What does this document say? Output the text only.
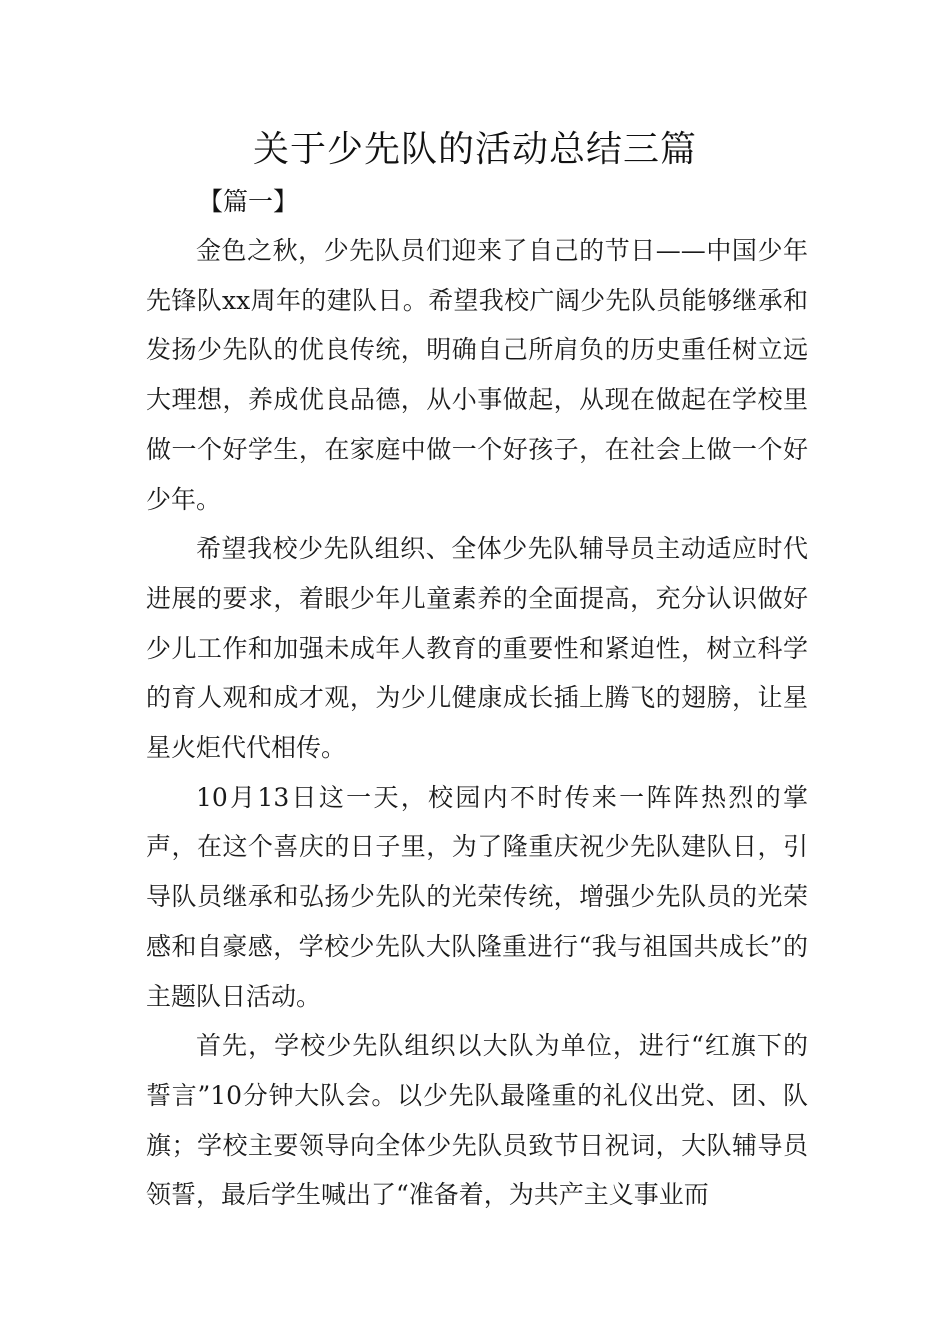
关于少先队的活动总结三篇
【篇一】

金色之秋，少先队员们迎来了自己的节日——中国少年先锋队xx周年的建队日。希望我校广阔少先队员能够继承和发扬少先队的优良传统，明确自己所肩负的历史重任树立远大理想，养成优良品德，从小事做起，从现在做起在学校里做一个好学生，在家庭中做一个好孩子，在社会上做一个好少年。

希望我校少先队组织、全体少先队辅导员主动适应时代进展的要求，着眼少年儿童素养的全面提高，充分认识做好少儿工作和加强未成年人教育的重要性和紧迫性，树立科学的育人观和成才观，为少儿健康成长插上腾飞的翅膀，让星星火炬代代相传。

10月13日这一天，校园内不时传来一阵阵热烈的掌声，在这个喜庆的日子里，为了隆重庆祝少先队建队日，引导队员继承和弘扬少先队的光荣传统，增强少先队员的光荣感和自豪感，学校少先队大队隆重进行“我与祖国共成长”的主题队日活动。

首先，学校少先队组织以大队为单位，进行“红旗下的誓言”10分钟大队会。以少先队最隆重的礼仪出党、团、队旗；学校主要领导向全体少先队员致节日祝词，大队辅导员领誓，最后学生喊出了“准备着，为共产主义事业而
